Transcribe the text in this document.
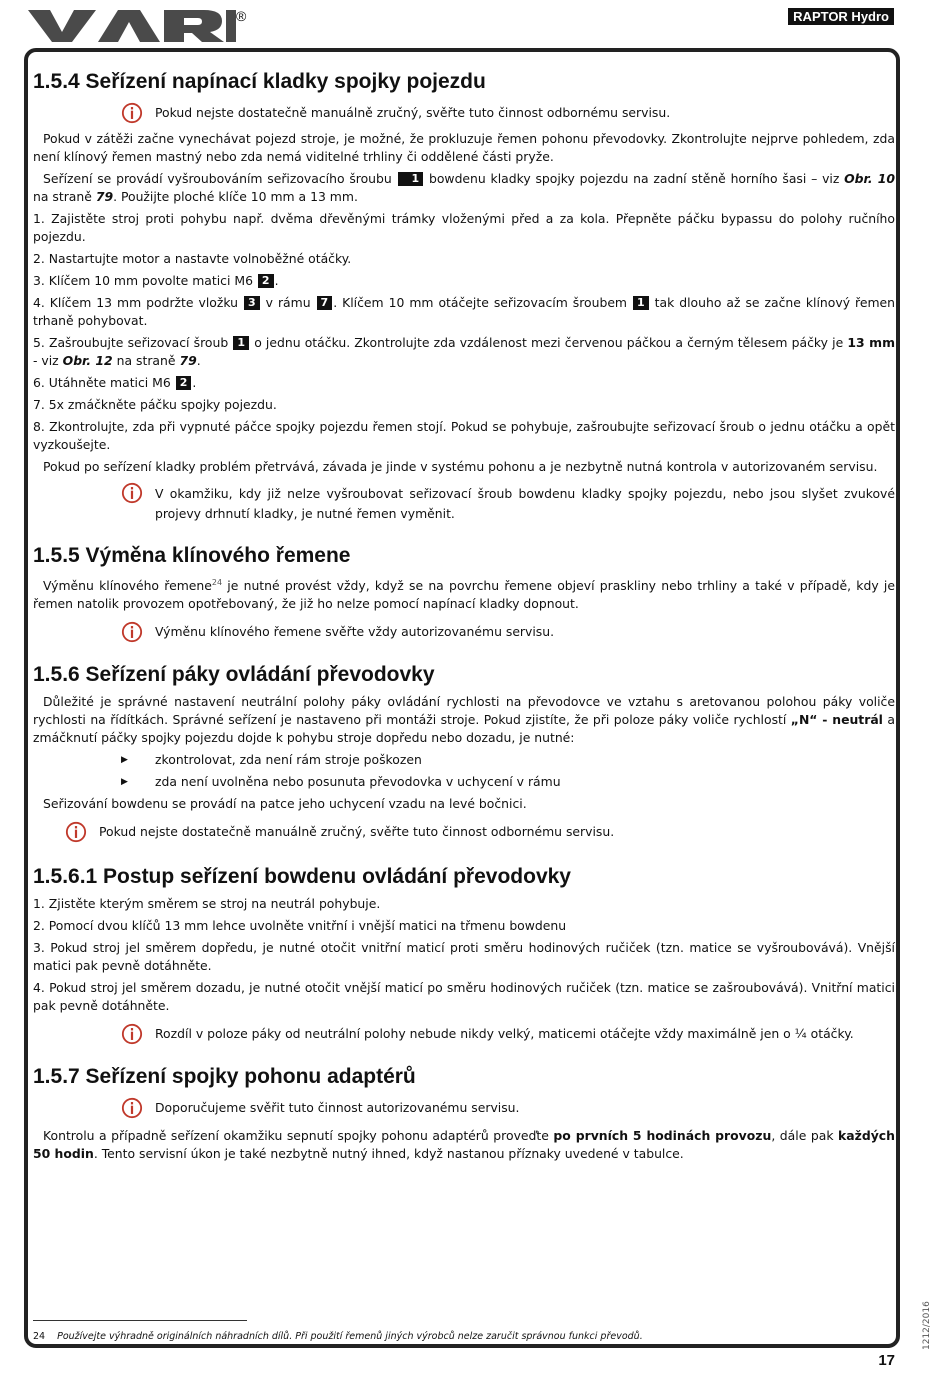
®	RAPTOR Hydro
1.5.4 Seřízení napínací kladky spojky pojezdu
Pokud nejste dostatečně manuálně zručný, svěřte tuto činnost odbornému servisu.

Pokud v zátěži začne vynechávat pojezd stroje, je možné, že prokluzuje řemen pohonu převodovky. Zkontrolujte nejprve pohledem, zda není klínový řemen mastný nebo zda nemá viditelné trhliny či oddělené části pryže.

Seřízení se provádí vyšroubováním seřizovacího šroubu 1 bowdenu kladky spojky pojezdu na zadní stěně horního šasi – viz Obr. 10 na straně 79. Použijte ploché klíče 10 mm a 13 mm.

1. Zajistěte stroj proti pohybu např. dvěma dřevěnými trámky vloženými před a za kola. Přepněte páčku bypassu do polohy ručního pojezdu.

2. Nastartujte motor a nastavte volnoběžné otáčky.

3. Klíčem 10 mm povolte matici M6 2 .

4. Klíčem 13 mm podržte vložku 3 v rámu 7 . Klíčem 10 mm otáčejte seřizovacím šroubem 1 tak dlouho až se začne klínový řemen trhaně pohybovat.

5. Zašroubujte seřizovací šroub 1 o jednu otáčku. Zkontrolujte zda vzdálenost mezi červenou páčkou a černým tělesem páčky je 13 mm - viz Obr. 12 na straně 79.

6. Utáhněte matici M6 2 .

7. 5x zmáčkněte páčku spojky pojezdu.

8. Zkontrolujte, zda při vypnuté páčce spojky pojezdu řemen stojí. Pokud se pohybuje, zašroubujte seřizovací šroub o jednu otáčku a opět vyzkoušejte.

Pokud po seřízení kladky problém přetrvává, závada je jinde v systému pohonu a je nezbytně nutná kontrola v autorizovaném servisu.

V okamžiku, kdy již nelze vyšroubovat seřizovací šroub bowdenu kladky spojky pojezdu, nebo jsou slyšet zvukové projevy drhnutí kladky, je nutné řemen vyměnit.
1.5.5 Výměna klínového řemene

Výměnu klínového řemene$^{24}$ je nutné provést vždy, když se na povrchu řemene objeví praskliny nebo trhliny a také v případě, kdy je řemen natolik provozem opotřebovaný, že již ho nelze pomocí napínací kladky dopnout.

Výměnu klínového řemene svěřte vždy autorizovanému servisu.
1.5.6 Seřízení páky ovládání převodovky

Důležité je správné nastavení neutrální polohy páky ovládání rychlosti na převodovce ve vztahu s aretovanou polohou páky voliče rychlosti na řídítkách. Správné seřízení je nastaveno při montáži stroje. Pokud zjistíte, že při poloze páky voliče rychlostí „N“ - neutrál a zmáčknutí páčky spojky pojezdu dojde k pohybu stroje dopředu nebo dozadu, je nutné:

▶	zkontrolovat, zda není rám stroje poškozen
▶	zda není uvolněna nebo posunuta převodovka v uchycení v rámu

Seřizování bowdenu se provádí na patce jeho uchycení vzadu na levé bočnici.

Pokud nejste dostatečně manuálně zručný, svěřte tuto činnost odbornému servisu.
1.5.6.1 Postup seřízení bowdenu ovládání převodovky

1. Zjistěte kterým směrem se stroj na neutrál pohybuje.

2. Pomocí dvou klíčů 13 mm lehce uvolněte vnitřní i vnější matici na třmenu bowdenu

3. Pokud stroj jel směrem dopředu, je nutné otočit vnitřní maticí proti směru hodinových ručiček (tzn. matice se vyšroubovává). Vnější matici pak pevně dotáhněte.

4. Pokud stroj jel směrem dozadu, je nutné otočit vnější maticí po směru hodinových ručiček (tzn. matice se zašroubovává). Vnitřní matici pak pevně dotáhněte.

Rozdíl v poloze páky od neutrální polohy nebude nikdy velký, maticemi otáčejte vždy maximálně jen o ¼ otáčky.
1.5.7 Seřízení spojky pohonu adaptérů
Doporučujeme svěřit tuto činnost autorizovanému servisu.

Kontrolu a případně seřízení okamžiku sepnutí spojky pohonu adaptérů proveďte po prvních 5 hodinách provozu, dále pak každých 50 hodin. Tento servisní úkon je také nezbytně nutný ihned, když nastanou příznaky uvedené v tabulce.

24 Používejte výhradně originálních náhradních dílů. Při použití řemenů jiných výrobců nelze zaručit správnou funkci převodů.
17
1212/2016
